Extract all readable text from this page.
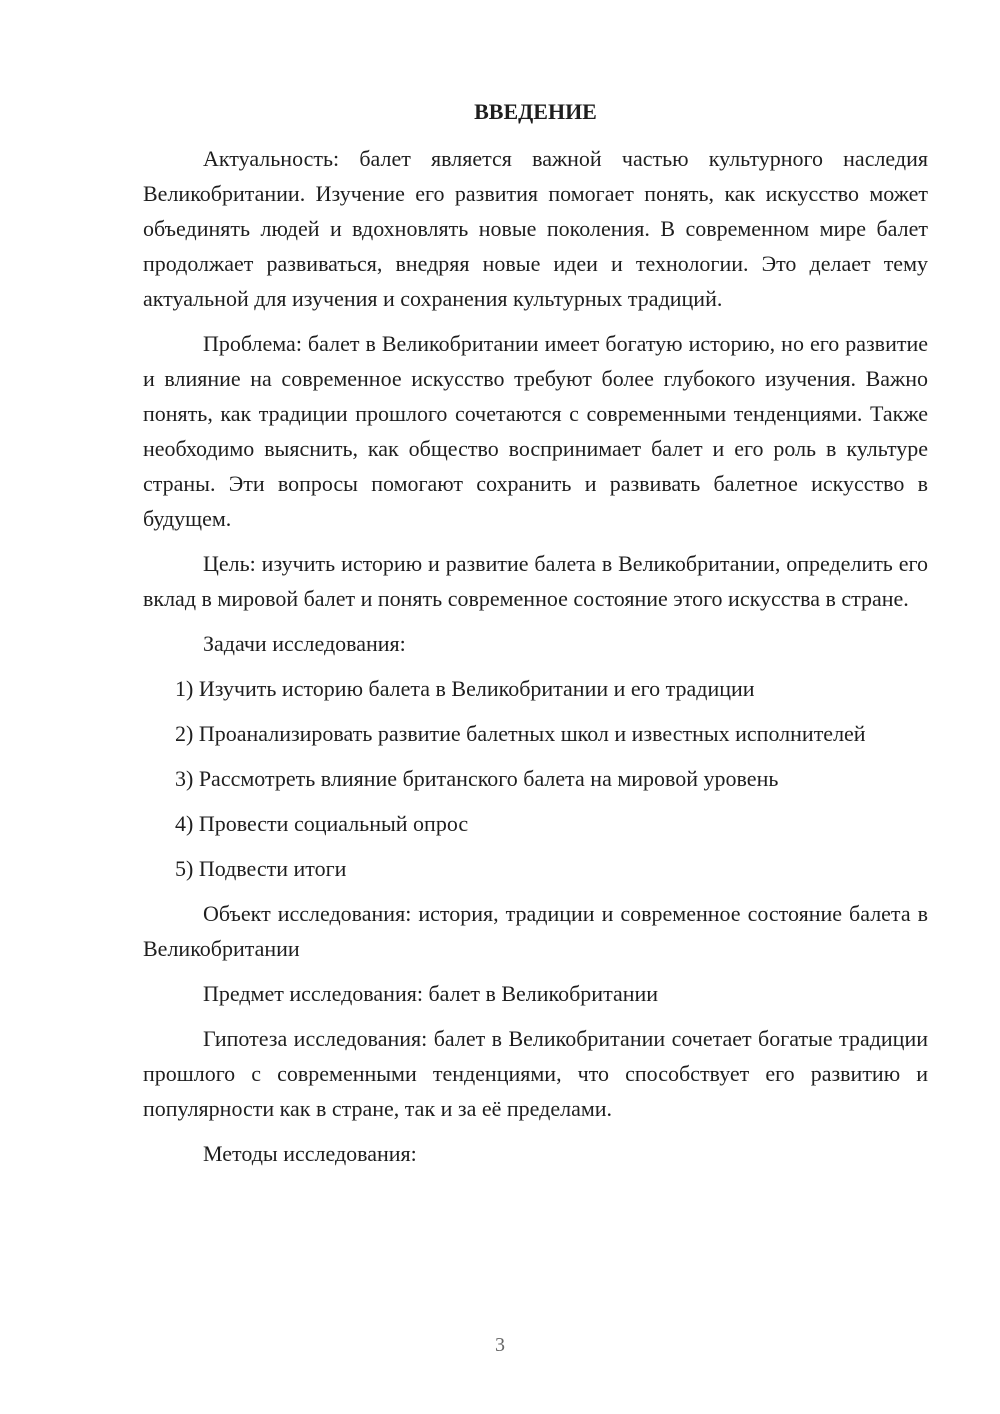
ВВЕДЕНИЕ

Актуальность: балет является важной частью культурного наследия Великобритании. Изучение его развития помогает понять, как искусство может объединять людей и вдохновлять новые поколения. В современном мире балет продолжает развиваться, внедряя новые идеи и технологии. Это делает тему актуальной для изучения и сохранения культурных традиций.

Проблема: балет в Великобритании имеет богатую историю, но его развитие и влияние на современное искусство требуют более глубокого изучения. Важно понять, как традиции прошлого сочетаются с современными тенденциями. Также необходимо выяснить, как общество воспринимает балет и его роль в культуре страны. Эти вопросы помогают сохранить и развивать балетное искусство в будущем.

Цель: изучить историю и развитие балета в Великобритании, определить его вклад в мировой балет и понять современное состояние этого искусства в стране.

Задачи исследования:

1) Изучить историю балета в Великобритании и его традиции

2) Проанализировать развитие балетных школ и известных исполнителей

3) Рассмотреть влияние британского балета на мировой уровень

4) Провести социальный опрос

5) Подвести итоги

Объект исследования: история, традиции и современное состояние балета в Великобритании

Предмет исследования: балет в Великобритании

Гипотеза исследования: балет в Великобритании сочетает богатые традиции прошлого с современными тенденциями, что способствует его развитию и популярности как в стране, так и за её пределами.

Методы исследования:

3
